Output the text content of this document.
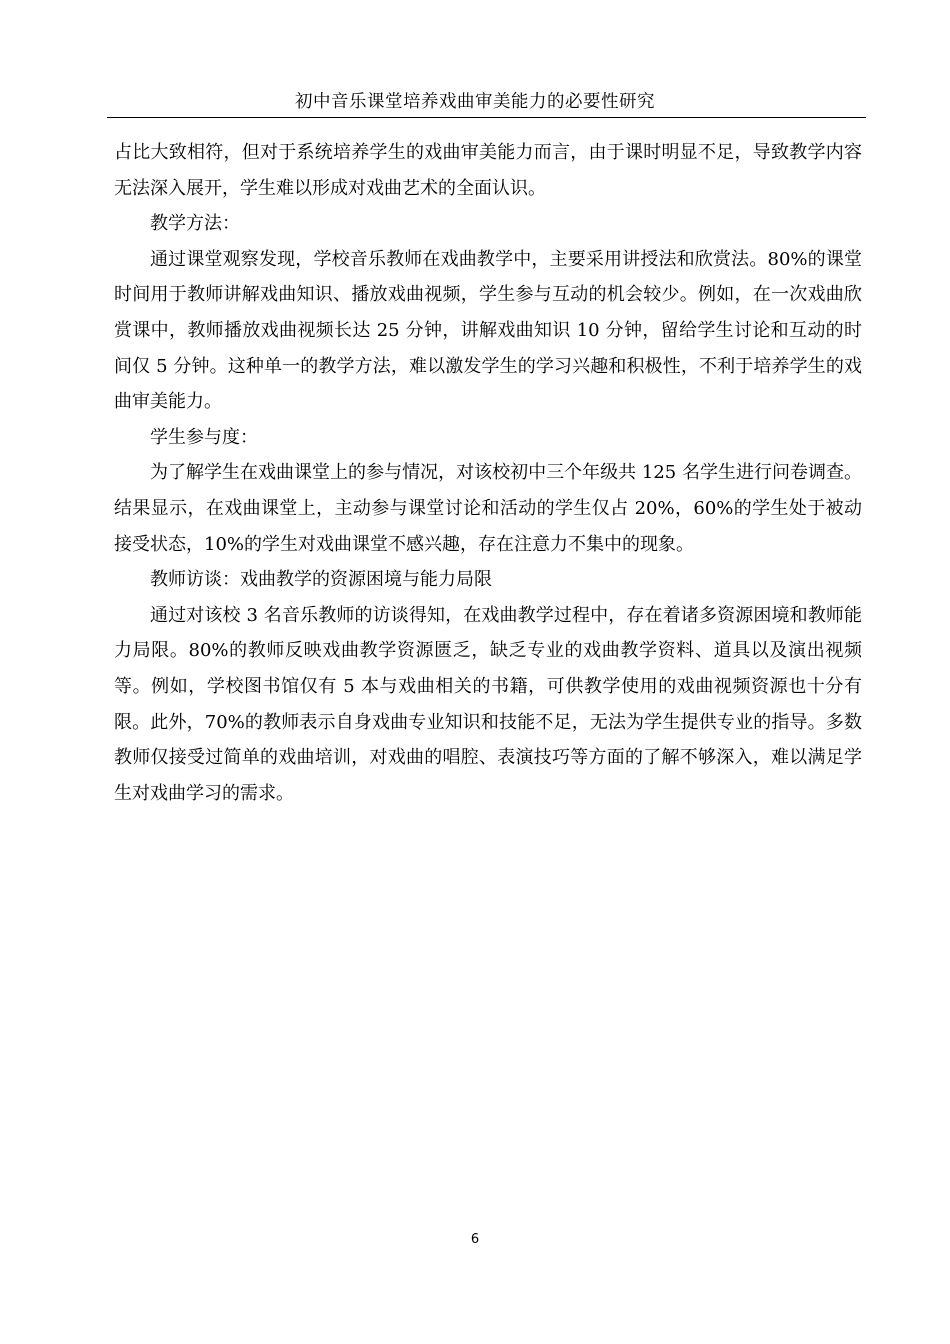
初中音乐课堂培养戏曲审美能力的必要性研究

占比大致相符，但对于系统培养学生的戏曲审美能力而言，由于课时明显不足，导致教学内容无法深入展开，学生难以形成对戏曲艺术的全面认识。

教学方法：

通过课堂观察发现，学校音乐教师在戏曲教学中，主要采用讲授法和欣赏法。80%的课堂时间用于教师讲解戏曲知识、播放戏曲视频，学生参与互动的机会较少。例如，在一次戏曲欣赏课中，教师播放戏曲视频长达 25 分钟，讲解戏曲知识 10 分钟，留给学生讨论和互动的时间仅 5 分钟。这种单一的教学方法，难以激发学生的学习兴趣和积极性，不利于培养学生的戏曲审美能力。

学生参与度：

为了解学生在戏曲课堂上的参与情况，对该校初中三个年级共 125 名学生进行问卷调查。结果显示，在戏曲课堂上，主动参与课堂讨论和活动的学生仅占 20%，60%的学生处于被动接受状态，10%的学生对戏曲课堂不感兴趣，存在注意力不集中的现象。

教师访谈：戏曲教学的资源困境与能力局限

通过对该校 3 名音乐教师的访谈得知，在戏曲教学过程中，存在着诸多资源困境和教师能力局限。80%的教师反映戏曲教学资源匮乏，缺乏专业的戏曲教学资料、道具以及演出视频等。例如，学校图书馆仅有 5 本与戏曲相关的书籍，可供教学使用的戏曲视频资源也十分有限。此外，70%的教师表示自身戏曲专业知识和技能不足，无法为学生提供专业的指导。多数教师仅接受过简单的戏曲培训，对戏曲的唱腔、表演技巧等方面的了解不够深入，难以满足学生对戏曲学习的需求。

6
